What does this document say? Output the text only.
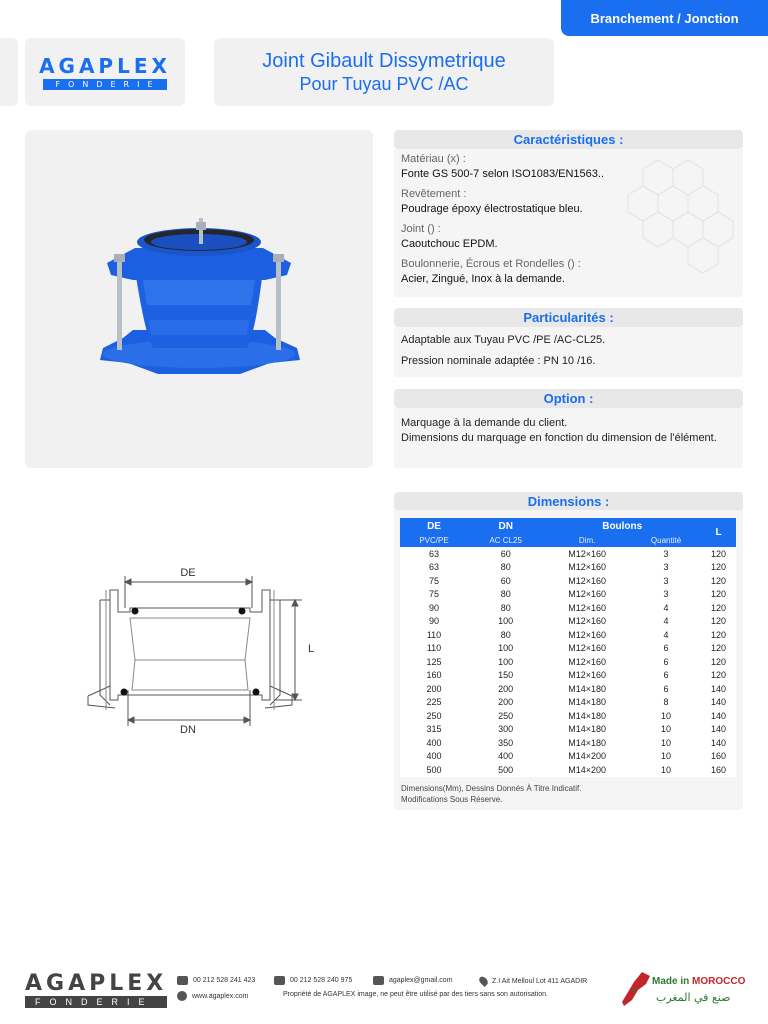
Branchement / Jonction
AGAPLEX
FONDERIE
Joint Gibault Dissymetrique
Pour Tuyau PVC /AC
Caractéristiques :
Matériau (x) :
Fonte GS 500-7 selon ISO1083/EN1563..
Revêtement :
Poudrage époxy électrostatique bleu.
Joint () :
Caoutchouc EPDM.
Boulonnerie, Écrous et Rondelles () :
Acier, Zingué, Inox à la demande.
Particularités :
Adaptable aux Tuyau PVC /PE /AC-CL25.
Pression nominale adaptée : PN 10 /16.
Option :
Marquage à la demande du client.
Dimensions du marquage en fonction du dimension de l'élément.
Dimensions :
DE	DN	Boulons		L
PVC/PE	AC CL25	Dim.	Quantité	
63	60	M12×160	3	120
63	80	M12×160	3	120
75	60	M12×160	3	120
75	80	M12×160	3	120
90	80	M12×160	4	120
90	100	M12×160	4	120
110	80	M12×160	4	120
110	100	M12×160	6	120
125	100	M12×160	6	120
160	150	M12×160	6	120
200	200	M14×180	6	140
225	200	M14×180	8	140
250	250	M14×180	10	140
315	300	M14×180	10	140
400	350	M14×180	10	140
400	400	M14×200	10	160
500	500	M14×200	10	160
Dimensions(Mm), Dessins Donnés À Titre Indicatif.
Modifications Sous Réserve.
DE
DN
L
AGAPLEX
FONDERIE
00 212 528 241 423	00 212 528 240 975	agaplex@gmail.com	Z.I Ait Melloul Lot 411 AGADIR
www.agaplex.com	Propriété de AGAPLEX image, ne peut être utilisé par des tiers sans son autorisation.
Made in MOROCCO
صنع في المغرب
